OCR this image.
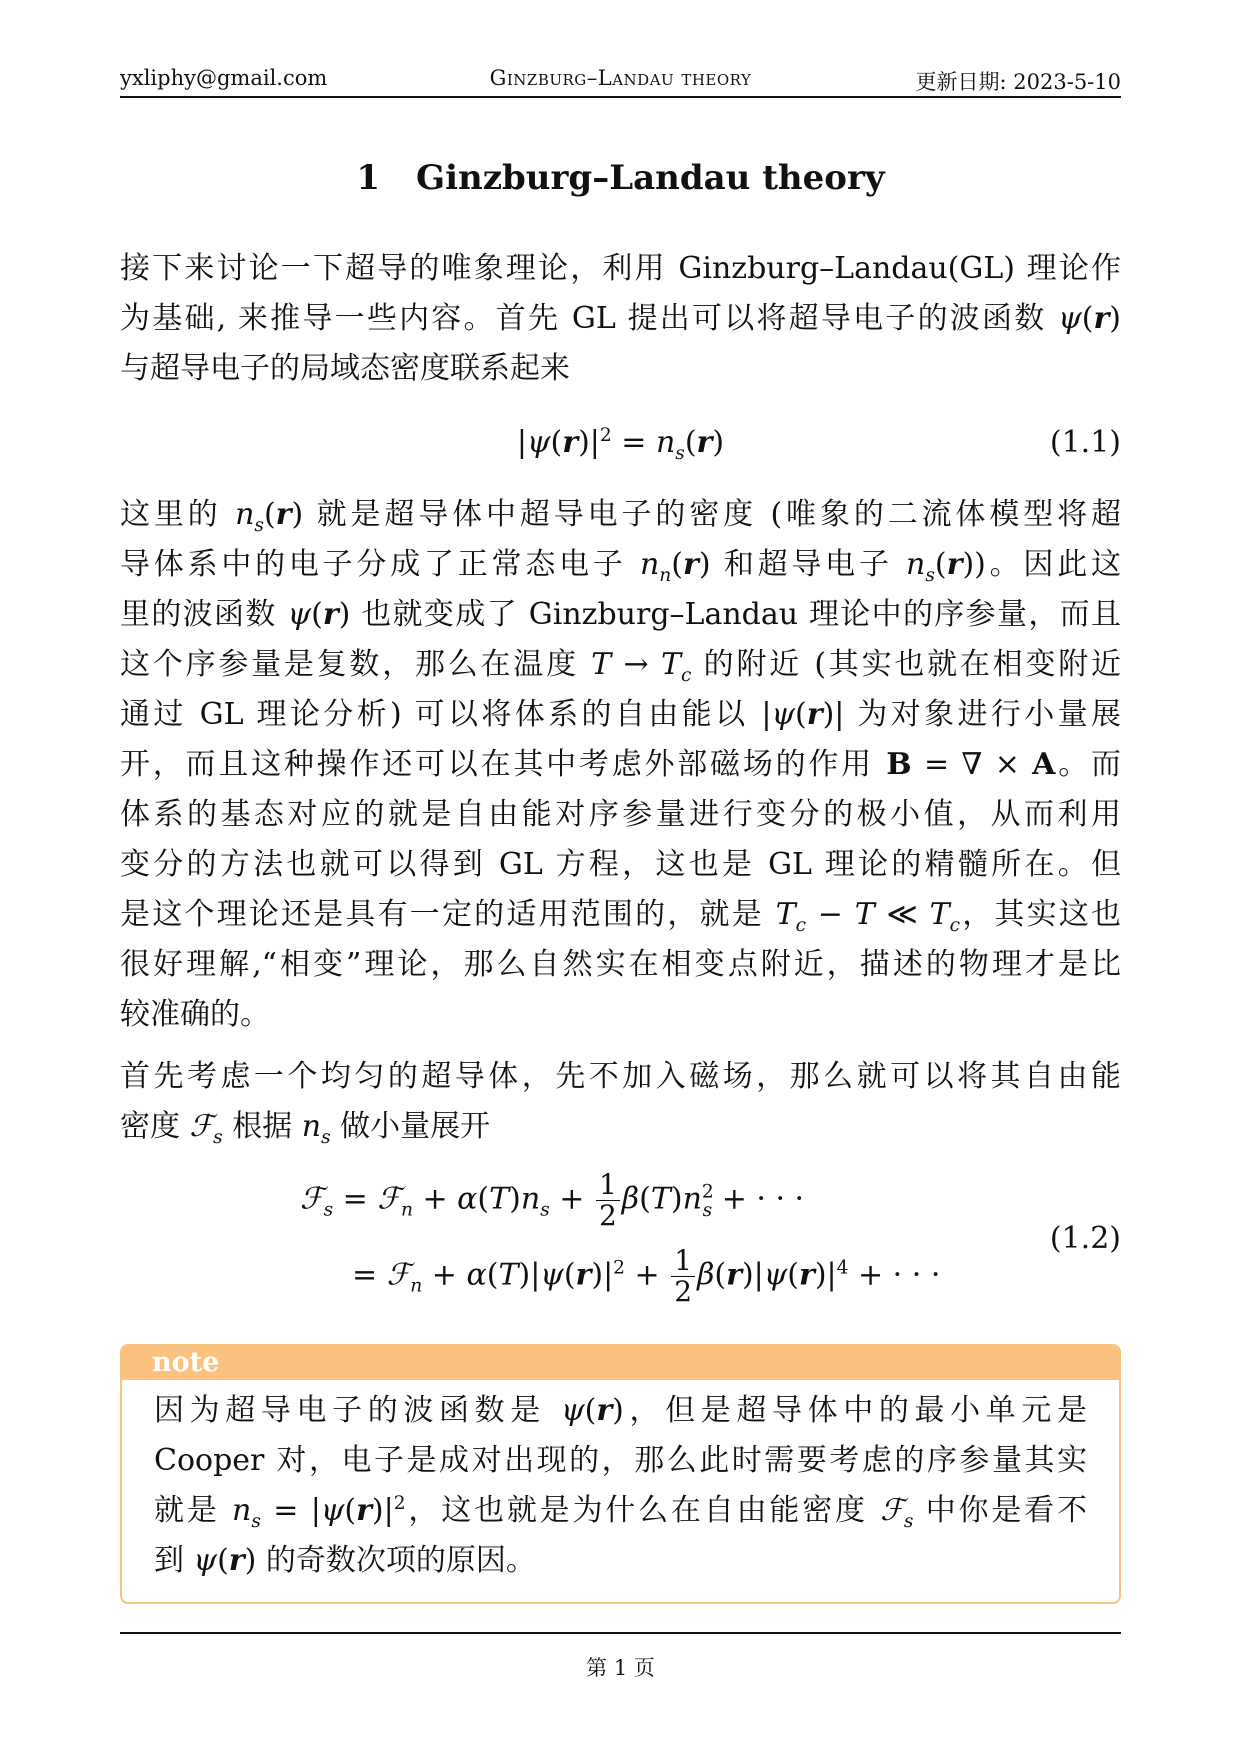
yxliphy@gmail.com	Ginzburg–Landau theory	更新日期: 2023-5-10
1 Ginzburg–Landau theory
接下来讨论一下超导的唯象理论，利用 Ginzburg–Landau(GL) 理论作
为基础, 来推导一些内容。首先 GL 提出可以将超导电子的波函数 ψ(r)
与超导电子的局域态密度联系起来
$|\psi(r)|^2 = n_s(r)$	(1.1)
这里的 $n_s(r)$ 就是超导体中超导电子的密度 (唯象的二流体模型将超
导体系中的电子分成了正常态电子 $n_n(r)$ 和超导电子 $n_s(r)$)。因此这
里的波函数 ψ(r) 也就变成了 Ginzburg–Landau 理论中的序参量，而且
这个序参量是复数，那么在温度 $T \to T_c$ 的附近 (其实也就在相变附近
通过 GL 理论分析) 可以将体系的自由能以 |ψ(r)| 为对象进行小量展
开，而且这种操作还可以在其中考虑外部磁场的作用 B = ∇ × A。而
体系的基态对应的就是自由能对序参量进行变分的极小值，从而利用
变分的方法也就可以得到 GL 方程，这也是 GL 理论的精髓所在。但
是这个理论还是具有一定的适用范围的，就是 $T_c - T$ ≪ $T_c$，其实这也
很好理解,“相变”理论，那么自然实在相变点附近，描述的物理才是比
较准确的。
首先考虑一个均匀的超导体，先不加入磁场，那么就可以将其自由能
密度 ℱ$_s$ 根据 $n_s$ 做小量展开
ℱ$_s$ = ℱ$_n$ + $\alpha(T)n_s + \frac{1}{2} \beta(T)n^2_s$ + · · ·
= ℱ$_n$ + $\alpha(T)|\psi(r)|^2 + \frac{1}{2} \beta(r)|\psi(r)|^4$ + · · ·
(1.2)
note
因为超导电子的波函数是 ψ(r)，但是超导体中的最小单元是
Cooper 对，电子是成对出现的，那么此时需要考虑的序参量其实
就是 $n_s = |\psi(r)|^2$，这也就是为什么在自由能密度 ℱ$_s$ 中你是看不
到 ψ(r) 的奇数次项的原因。
第 1 页
